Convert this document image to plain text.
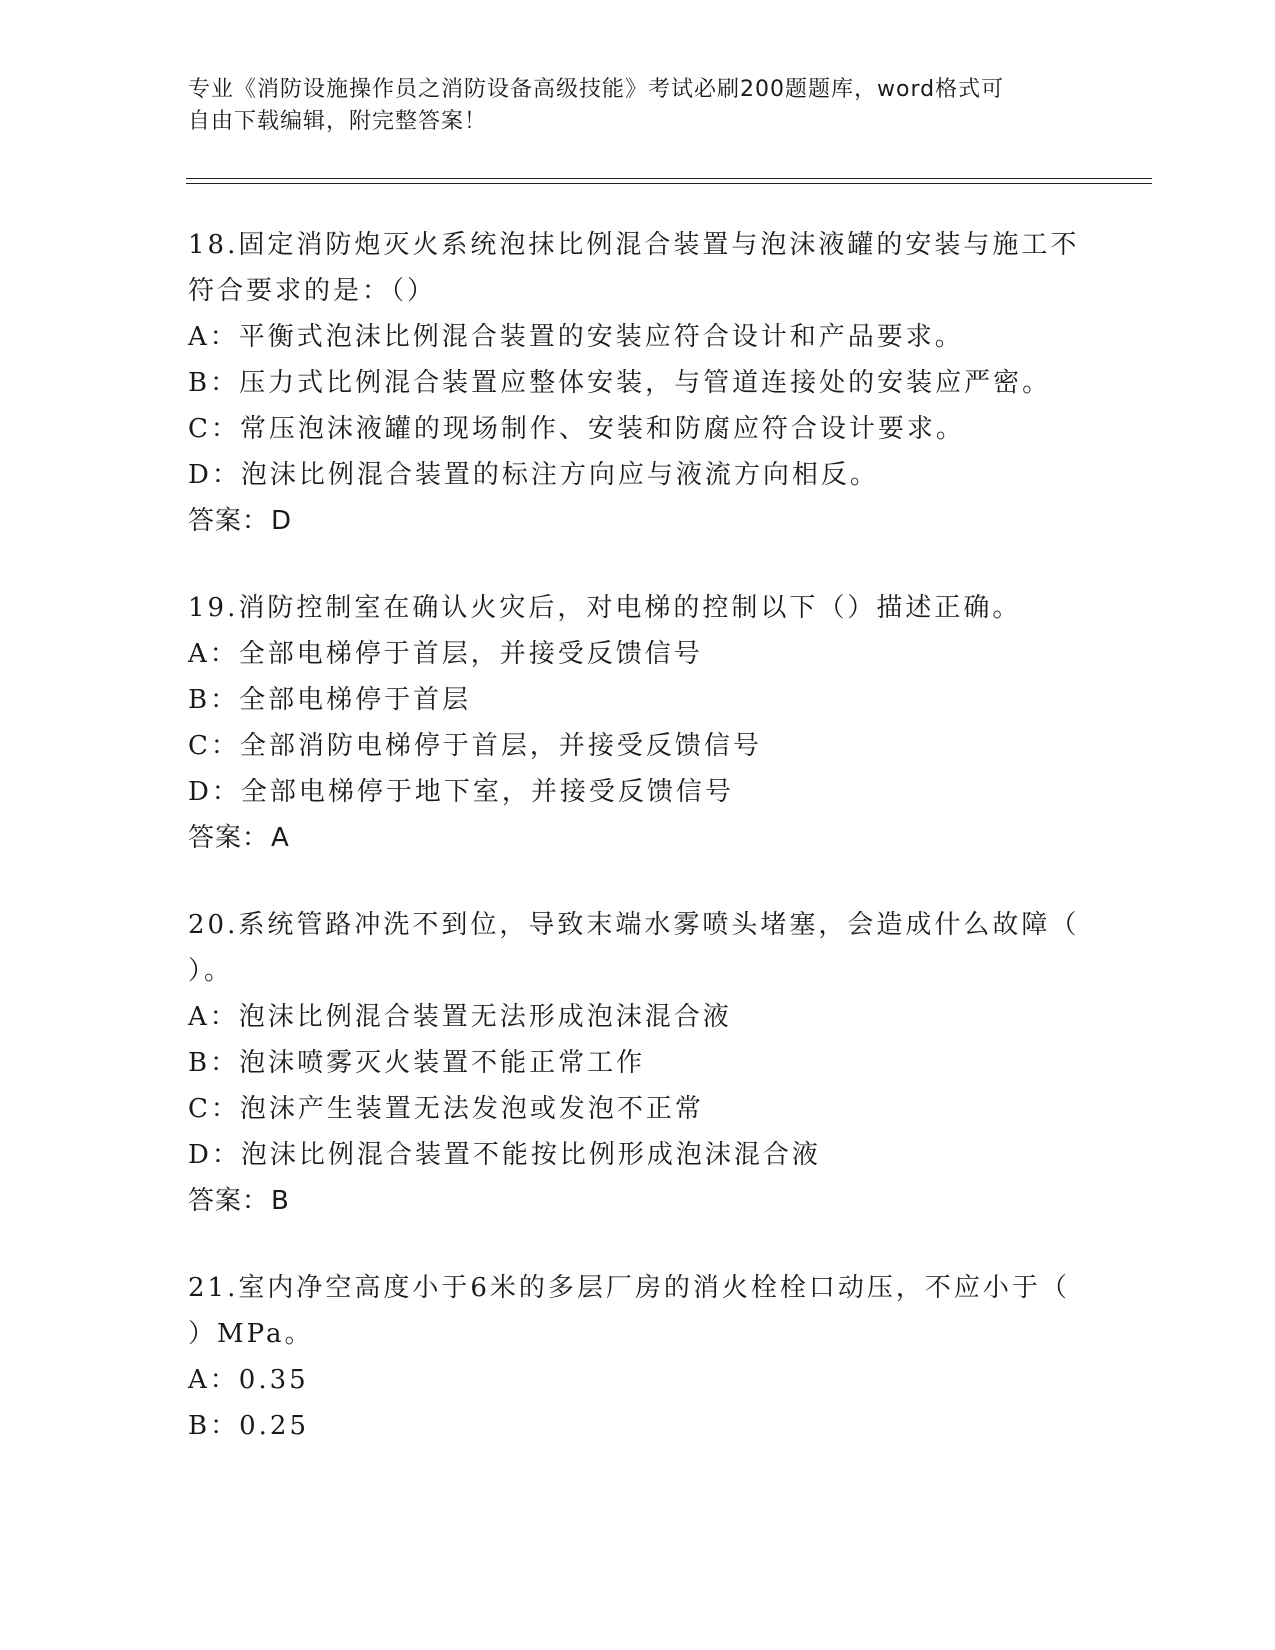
专业《消防设施操作员之消防设备高级技能》考试必刷200题题库，word格式可
自由下载编辑，附完整答案！

18.固定消防炮灭火系统泡抹比例混合装置与泡沫液罐的安装与施工不

符合要求的是：（）

A：平衡式泡沫比例混合装置的安装应符合设计和产品要求。

B：压力式比例混合装置应整体安装，与管道连接处的安装应严密。

C：常压泡沫液罐的现场制作、安装和防腐应符合设计要求。

D：泡沫比例混合装置的标注方向应与液流方向相反。

答案：D

19.消防控制室在确认火灾后，对电梯的控制以下（）描述正确。

A：全部电梯停于首层，并接受反馈信号

B：全部电梯停于首层

C：全部消防电梯停于首层，并接受反馈信号

D：全部电梯停于地下室，并接受反馈信号

答案：A

20.系统管路冲洗不到位，导致末端水雾喷头堵塞，会造成什么故障（

）。

A：泡沫比例混合装置无法形成泡沫混合液

B：泡沫喷雾灭火装置不能正常工作

C：泡沫产生装置无法发泡或发泡不正常

D：泡沫比例混合装置不能按比例形成泡沫混合液

答案：B

21.室内净空高度小于6米的多层厂房的消火栓栓口动压，不应小于（

）MPa。

A：0.35

B：0.25
